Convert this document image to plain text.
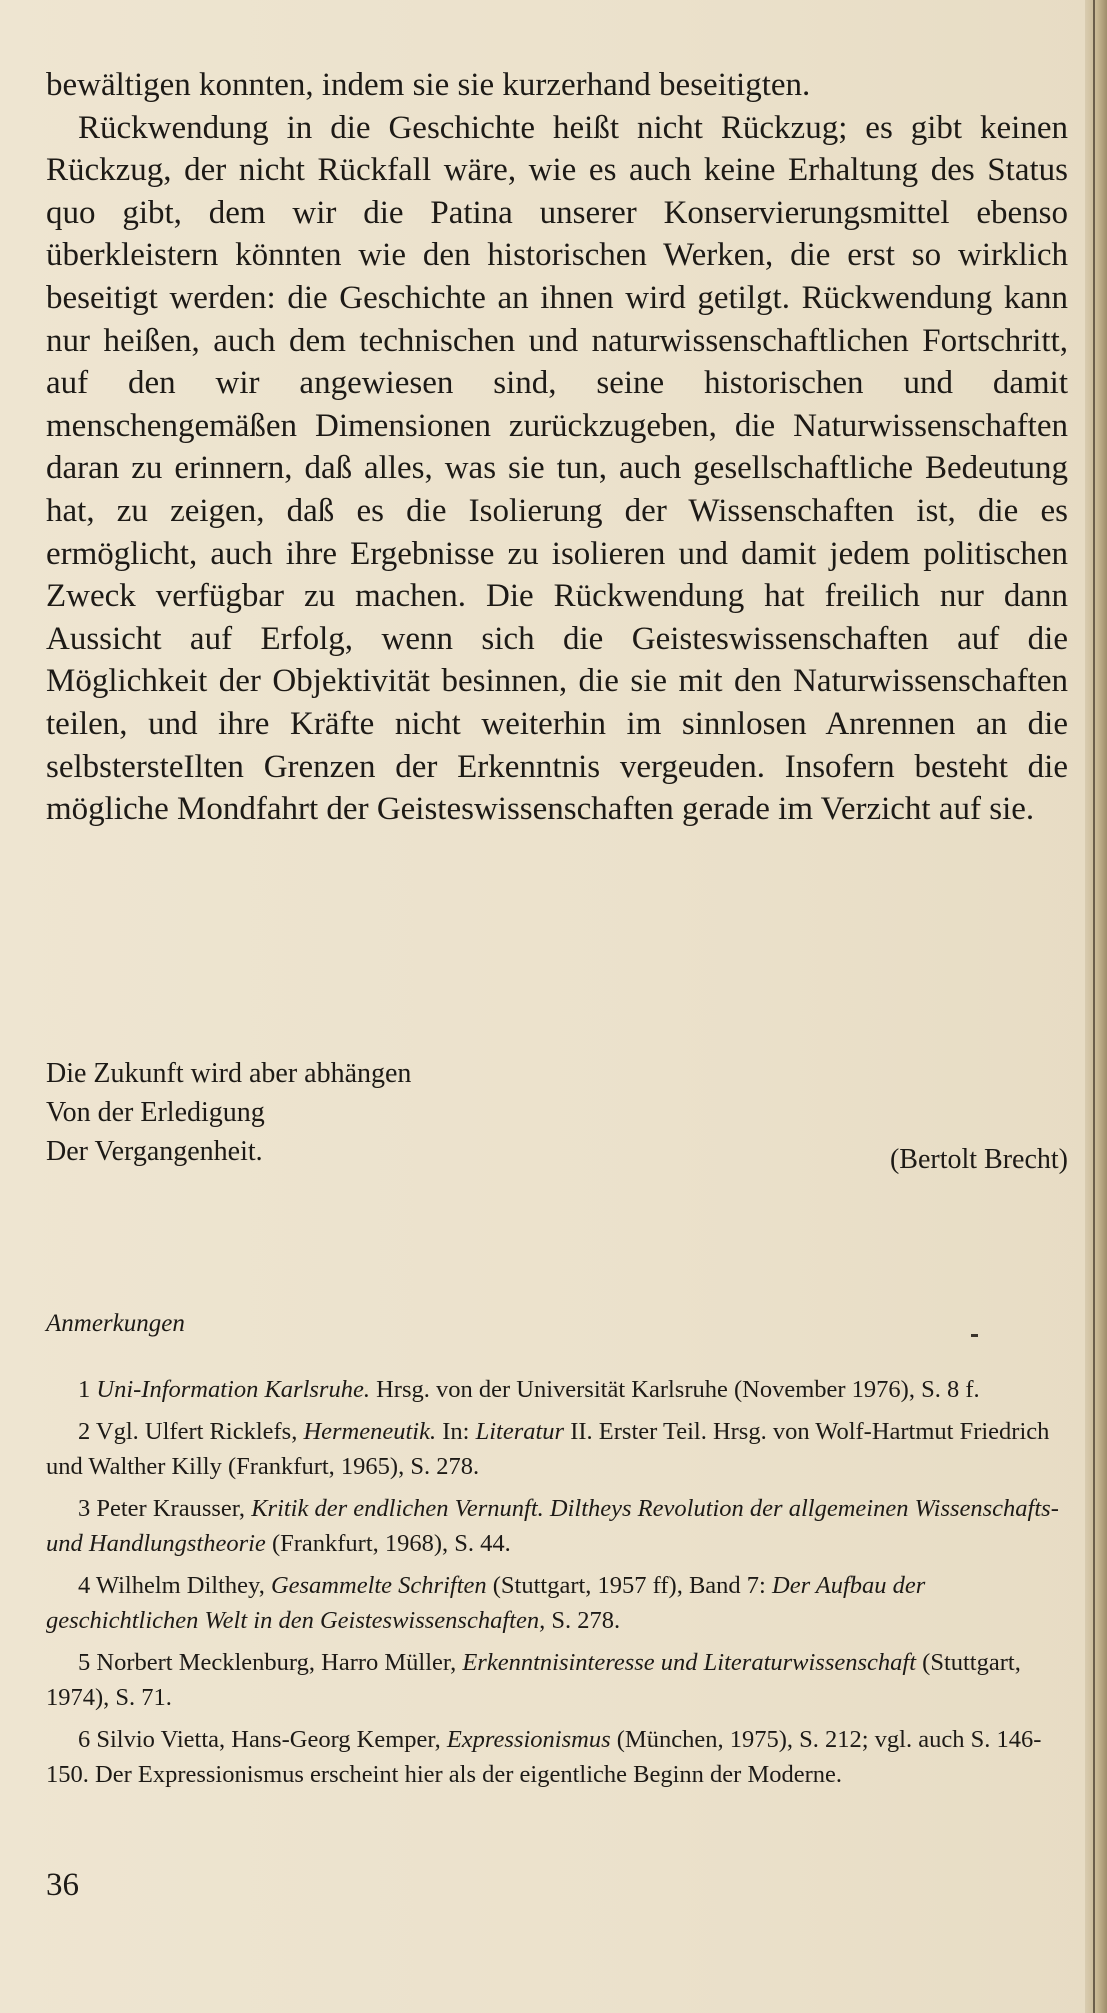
bewältigen konnten, indem sie sie kurzerhand beseitigten.

Rückwendung in die Geschichte heißt nicht Rückzug; es gibt keinen Rückzug, der nicht Rückfall wäre, wie es auch keine Erhaltung des Status quo gibt, dem wir die Patina unserer Konservierungsmittel ebenso überkleistern könnten wie den historischen Werken, die erst so wirklich beseitigt werden: die Geschichte an ihnen wird getilgt. Rückwendung kann nur heißen, auch dem technischen und naturwissenschaftlichen Fortschritt, auf den wir angewiesen sind, seine historischen und damit menschengemäßen Dimensionen zurückzugeben, die Naturwissenschaften daran zu erinnern, daß alles, was sie tun, auch gesellschaftliche Bedeutung hat, zu zeigen, daß es die Isolierung der Wissenschaften ist, die es ermöglicht, auch ihre Ergebnisse zu isolieren und damit jedem politischen Zweck verfügbar zu machen. Die Rückwendung hat freilich nur dann Aussicht auf Erfolg, wenn sich die Geisteswissenschaften auf die Möglichkeit der Objektivität besinnen, die sie mit den Naturwissenschaften teilen, und ihre Kräfte nicht weiterhin im sinnlosen Anrennen an die selbstersteIlten Grenzen der Erkenntnis vergeuden. Insofern besteht die mögliche Mondfahrt der Geisteswissenschaften gerade im Verzicht auf sie.

Die Zukunft wird aber abhängen
Von der Erledigung
Der Vergangenheit.	(Bertolt Brecht)
Anmerkungen

1 Uni-Information Karlsruhe. Hrsg. von der Universität Karlsruhe (November 1976), S. 8 f.

2 Vgl. Ulfert Ricklefs, Hermeneutik. In: Literatur II. Erster Teil. Hrsg. von Wolf-Hartmut Friedrich und Walther Killy (Frankfurt, 1965), S. 278.

3 Peter Krausser, Kritik der endlichen Vernunft. Diltheys Revolution der allgemeinen Wissenschafts- und Handlungstheorie (Frankfurt, 1968), S. 44.

4 Wilhelm Dilthey, Gesammelte Schriften (Stuttgart, 1957 ff), Band 7: Der Aufbau der geschichtlichen Welt in den Geisteswissenschaften, S. 278.

5 Norbert Mecklenburg, Harro Müller, Erkenntnisinteresse und Literaturwissenschaft (Stuttgart, 1974), S. 71.

6 Silvio Vietta, Hans-Georg Kemper, Expressionismus (München, 1975), S. 212; vgl. auch S. 146-150. Der Expressionismus erscheint hier als der eigentliche Beginn der Moderne.

36
